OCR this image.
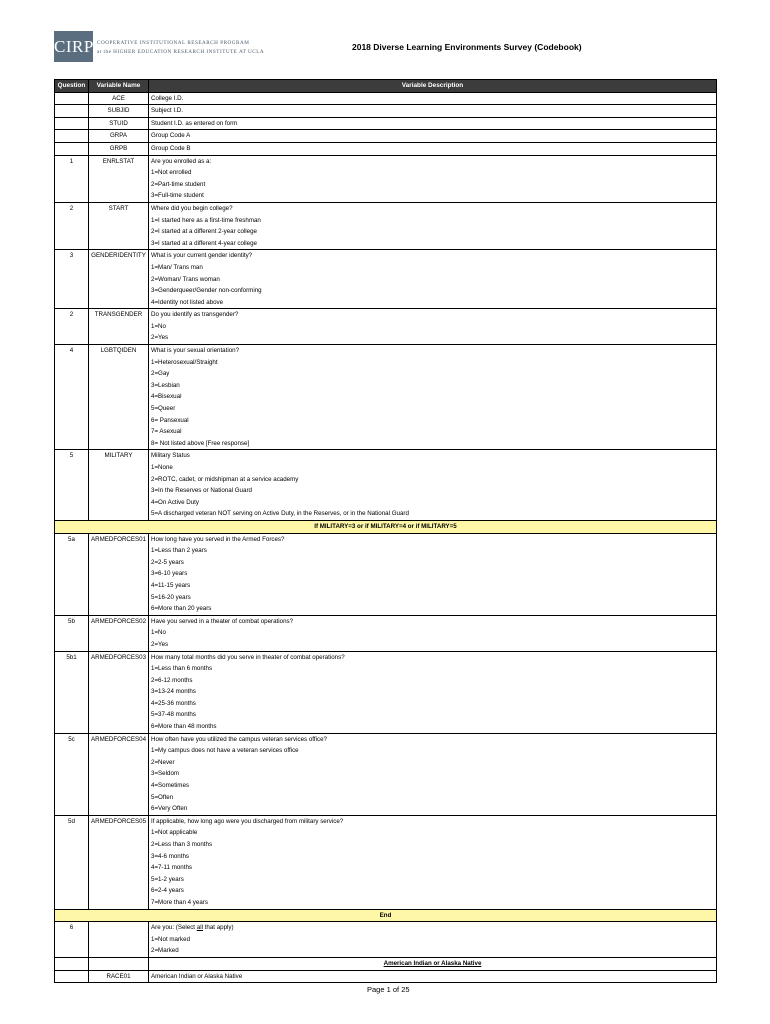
CIRP COOPERATIVE INSTITUTIONAL RESEARCH PROGRAM
at the HIGHER EDUCATION RESEARCH INSTITUTE AT UCLA	2018 Diverse Learning Environments Survey (Codebook)
Question	Variable Name	Variable Description
	ACE	College I.D.
	SUBJID	Subject I.D.
	STUID	Student I.D. as entered on form
	GRPA	Group Code A
	GRPB	Group Code B
1	ENRLSTAT	Are you enrolled as a:
		1=Not enrolled
		2=Part-time student
		3=Full-time student
2	START	Where did you begin college?
		1=I started here as a first-time freshman
		2=I started at a different 2-year college
		3=I started at a different 4-year college
3	GENDERIDENTITY	What is your current gender identity?
		1=Man/ Trans man
		2=Woman/ Trans woman
		3=Genderqueer/Gender non-conforming
		4=Identity not listed above
2	TRANSGENDER	Do you identify as transgender?
		1=No
		2=Yes
4	LGBTQIDEN	What is your sexual orientation?
		1=Heterosexual/Straight
		2=Gay
		3=Lesbian
		4=Bisexual
		5=Queer
		6= Pansexual
		7= Asexual
		8= Not listed above [Free response]
5	MILITARY	Military Status
		1=None
		2=ROTC, cadet, or midshipman at a service academy
		3=In the Reserves or National Guard
		4=On Active Duty
		5=A discharged veteran NOT serving on Active Duty, in the Reserves, or in the National Guard
If MILITARY=3 or if MILITARY=4 or if MILITARY=5		
5a	ARMEDFORCES01	How long have you served in the Armed Forces?
		1=Less than 2 years
		2=2-5 years
		3=6-10 years
		4=11-15 years
		5=16-20 years
		6=More than 20 years
5b	ARMEDFORCES02	Have you served in a theater of combat operations?
		1=No
		2=Yes
5b1	ARMEDFORCES03	How many total months did you serve in theater of combat operations?
		1=Less than 6 months
		2=6-12 months
		3=13-24 months
		4=25-36 months
		5=37-48 months
		6=More than 48 months
5c	ARMEDFORCES04	How often have you utilized the campus veteran services office?
		1=My campus does not have a veteran services office
		2=Never
		3=Seldom
		4=Sometimes
		5=Often
		6=Very Often
5d	ARMEDFORCES05	If applicable, how long ago were you discharged from military service?
		1=Not applicable
		2=Less than 3 months
		3=4-6 months
		4=7-11 months
		5=1-2 years
		6=2-4 years
		7=More than 4 years
End		
6		Are you: (Select all that apply)
		1=Not marked
		2=Marked
		American Indian or Alaska Native
	RACE01	American Indian or Alaska Native
Page 1 of 25
